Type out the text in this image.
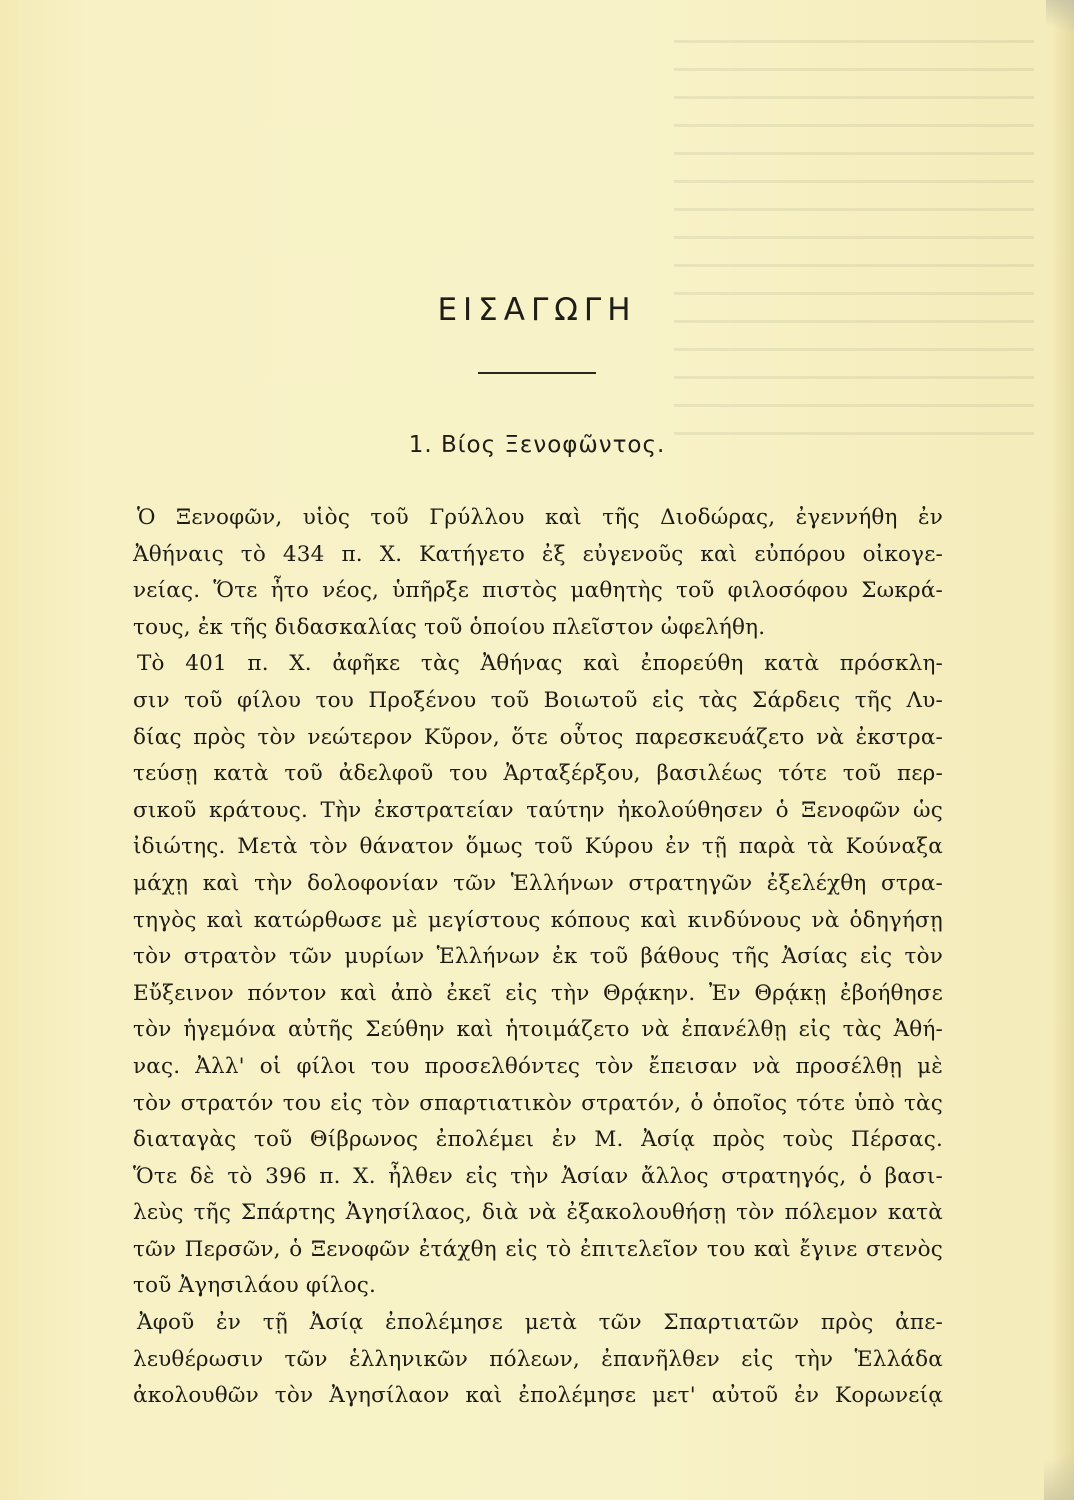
ΕΙΣΑΓΩΓΗ
1. Βίος Ξενοφῶντος.
Ὁ Ξενοφῶν, υἱὸς τοῦ Γρύλλου καὶ τῆς Διοδώρας, ἐγεννήθη ἐν
Ἀθήναις τὸ 434 π. Χ. Κατήγετο ἐξ εὐγενοῦς καὶ εὐπόρου οἰκογε-
νείας. Ὅτε ἦτο νέος, ὑπῆρξε πιστὸς μαθητὴς τοῦ φιλοσόφου Σωκρά-
τους, ἐκ τῆς διδασκαλίας τοῦ ὁποίου πλεῖστον ὠφελήθη.
Τὸ 401 π. Χ. ἀφῆκε τὰς Ἀθήνας καὶ ἐπορεύθη κατὰ πρόσκλη-
σιν τοῦ φίλου του Προξένου τοῦ Βοιωτοῦ εἰς τὰς Σάρδεις τῆς Λυ-
δίας πρὸς τὸν νεώτερον Κῦρον, ὅτε οὗτος παρεσκευάζετο νὰ ἐκστρα-
τεύσῃ κατὰ τοῦ ἀδελφοῦ του Ἀρταξέρξου, βασιλέως τότε τοῦ περ-
σικοῦ κράτους. Τὴν ἐκστρατείαν ταύτην ἠκολούθησεν ὁ Ξενοφῶν ὡς
ἰδιώτης. Μετὰ τὸν θάνατον ὅμως τοῦ Κύρου ἐν τῇ παρὰ τὰ Κούναξα
μάχῃ καὶ τὴν δολοφονίαν τῶν Ἑλλήνων στρατηγῶν ἐξελέχθη στρα-
τηγὸς καὶ κατώρθωσε μὲ μεγίστους κόπους καὶ κινδύνους νὰ ὁδηγήσῃ
τὸν στρατὸν τῶν μυρίων Ἑλλήνων ἐκ τοῦ βάθους τῆς Ἀσίας εἰς τὸν
Εὔξεινον πόντον καὶ ἀπὸ ἐκεῖ εἰς τὴν Θρᾴκην. Ἐν Θρᾴκῃ ἐβοήθησε
τὸν ἡγεμόνα αὐτῆς Σεύθην καὶ ἡτοιμάζετο νὰ ἐπανέλθῃ εἰς τὰς Ἀθή-
νας. Ἀλλ' οἱ φίλοι του προσελθόντες τὸν ἔπεισαν νὰ προσέλθῃ μὲ
τὸν στρατόν του εἰς τὸν σπαρτιατικὸν στρατόν, ὁ ὁποῖος τότε ὑπὸ τὰς
διαταγὰς τοῦ Θίβρωνος ἐπολέμει ἐν Μ. Ἀσίᾳ πρὸς τοὺς Πέρσας.
Ὅτε δὲ τὸ 396 π. Χ. ἦλθεν εἰς τὴν Ἀσίαν ἄλλος στρατηγός, ὁ βασι-
λεὺς τῆς Σπάρτης Ἀγησίλαος, διὰ νὰ ἐξακολουθήσῃ τὸν πόλεμον κατὰ
τῶν Περσῶν, ὁ Ξενοφῶν ἐτάχθη εἰς τὸ ἐπιτελεῖον του καὶ ἔγινε στενὸς
τοῦ Ἀγησιλάου φίλος.
Ἀφοῦ ἐν τῇ Ἀσίᾳ ἐπολέμησε μετὰ τῶν Σπαρτιατῶν πρὸς ἀπε-
λευθέρωσιν τῶν ἑλληνικῶν πόλεων, ἐπανῆλθεν εἰς τὴν Ἑλλάδα
ἀκολουθῶν τὸν Ἀγησίλαον καὶ ἐπολέμησε μετ' αὐτοῦ ἐν Κορωνείᾳ
